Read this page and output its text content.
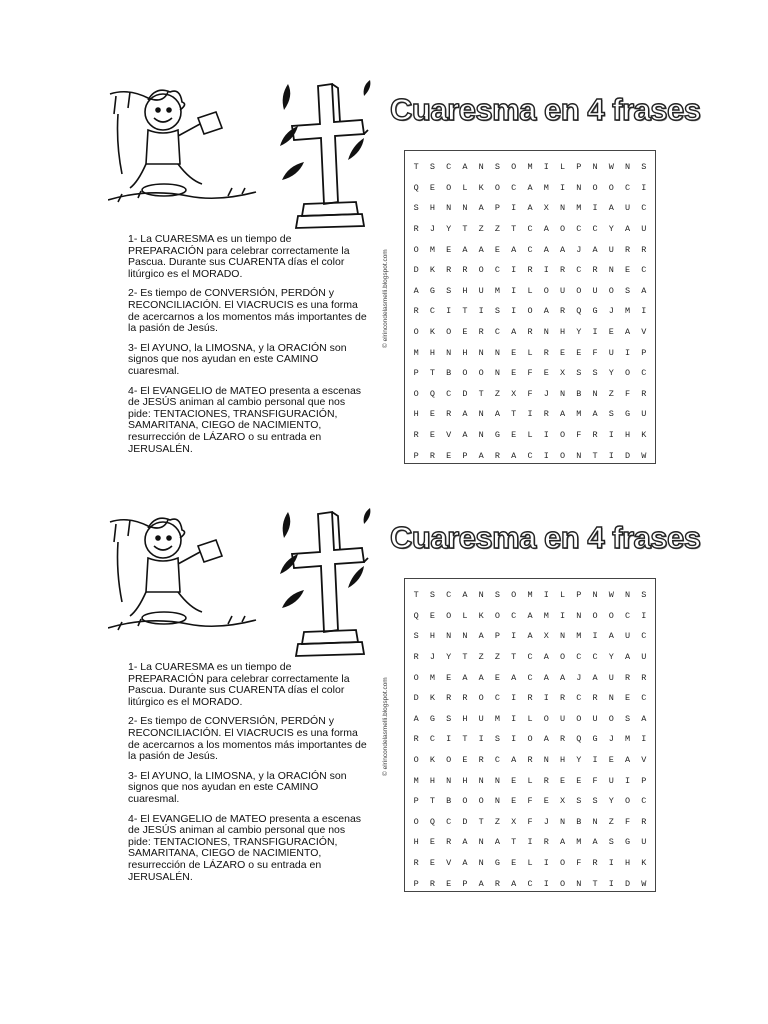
Cuaresma en 4 frases
© elrincondelasmelli.blogspot.com
T	S	C	A	N	S	O	M	I	L	P	N	W	N	S
Q	E	O	L	K	O	C	A	M	I	N	O	O	C	I
S	H	N	N	A	P	I	A	X	N	M	I	A	U	C
R	J	Y	T	Z	Z	T	C	A	O	C	C	Y	A	U
O	M	E	A	A	E	A	C	A	A	J	A	U	R	R
D	K	R	R	O	C	I	R	I	R	C	R	N	E	C
A	G	S	H	U	M	I	L	O	U	O	U	O	S	A
R	C	I	T	I	S	I	O	A	R	Q	G	J	M	I
O	K	O	E	R	C	A	R	N	H	Y	I	E	A	V
M	H	N	H	N	N	E	L	R	E	E	F	U	I	P
P	T	B	O	O	N	E	F	E	X	S	S	Y	O	C
O	Q	C	D	T	Z	X	F	J	N	B	N	Z	F	R
H	E	R	A	N	A	T	I	R	A	M	A	S	G	U
R	E	V	A	N	G	E	L	I	O	F	R	I	H	K
P	R	E	P	A	R	A	C	I	O	N	T	I	D	W

1- La CUARESMA es un tiempo de
PREPARACIÓN para celebrar correctamente la
Pascua. Durante sus CUARENTA días el color
litúrgico es el MORADO.

2- Es tiempo de CONVERSIÓN, PERDÓN y
RECONCILIACIÓN. El VIACRUCIS es una forma
de acercarnos a los momentos más importantes de
la pasión de Jesús.

3- El AYUNO, la LIMOSNA, y la ORACIÓN son
signos que nos ayudan en este CAMINO
cuaresmal.

4- El EVANGELIO de MATEO presenta a escenas
de JESÚS animan al cambio personal que nos
pide: TENTACIONES, TRANSFIGURACIÓN,
SAMARITANA, CIEGO de NACIMIENTO,
resurrección de LÁZARO o su entrada en
JERUSALÉN.

Cuaresma en 4 frases
© elrincondelasmelli.blogspot.com
T	S	C	A	N	S	O	M	I	L	P	N	W	N	S
Q	E	O	L	K	O	C	A	M	I	N	O	O	C	I
S	H	N	N	A	P	I	A	X	N	M	I	A	U	C
R	J	Y	T	Z	Z	T	C	A	O	C	C	Y	A	U
O	M	E	A	A	E	A	C	A	A	J	A	U	R	R
D	K	R	R	O	C	I	R	I	R	C	R	N	E	C
A	G	S	H	U	M	I	L	O	U	O	U	O	S	A
R	C	I	T	I	S	I	O	A	R	Q	G	J	M	I
O	K	O	E	R	C	A	R	N	H	Y	I	E	A	V
M	H	N	H	N	N	E	L	R	E	E	F	U	I	P
P	T	B	O	O	N	E	F	E	X	S	S	Y	O	C
O	Q	C	D	T	Z	X	F	J	N	B	N	Z	F	R
H	E	R	A	N	A	T	I	R	A	M	A	S	G	U
R	E	V	A	N	G	E	L	I	O	F	R	I	H	K
P	R	E	P	A	R	A	C	I	O	N	T	I	D	W

1- La CUARESMA es un tiempo de
PREPARACIÓN para celebrar correctamente la
Pascua. Durante sus CUARENTA días el color
litúrgico es el MORADO.

2- Es tiempo de CONVERSIÓN, PERDÓN y
RECONCILIACIÓN. El VIACRUCIS es una forma
de acercarnos a los momentos más importantes de
la pasión de Jesús.

3- El AYUNO, la LIMOSNA, y la ORACIÓN son
signos que nos ayudan en este CAMINO
cuaresmal.

4- El EVANGELIO de MATEO presenta a escenas
de JESÚS animan al cambio personal que nos
pide: TENTACIONES, TRANSFIGURACIÓN,
SAMARITANA, CIEGO de NACIMIENTO,
resurrección de LÁZARO o su entrada en
JERUSALÉN.
